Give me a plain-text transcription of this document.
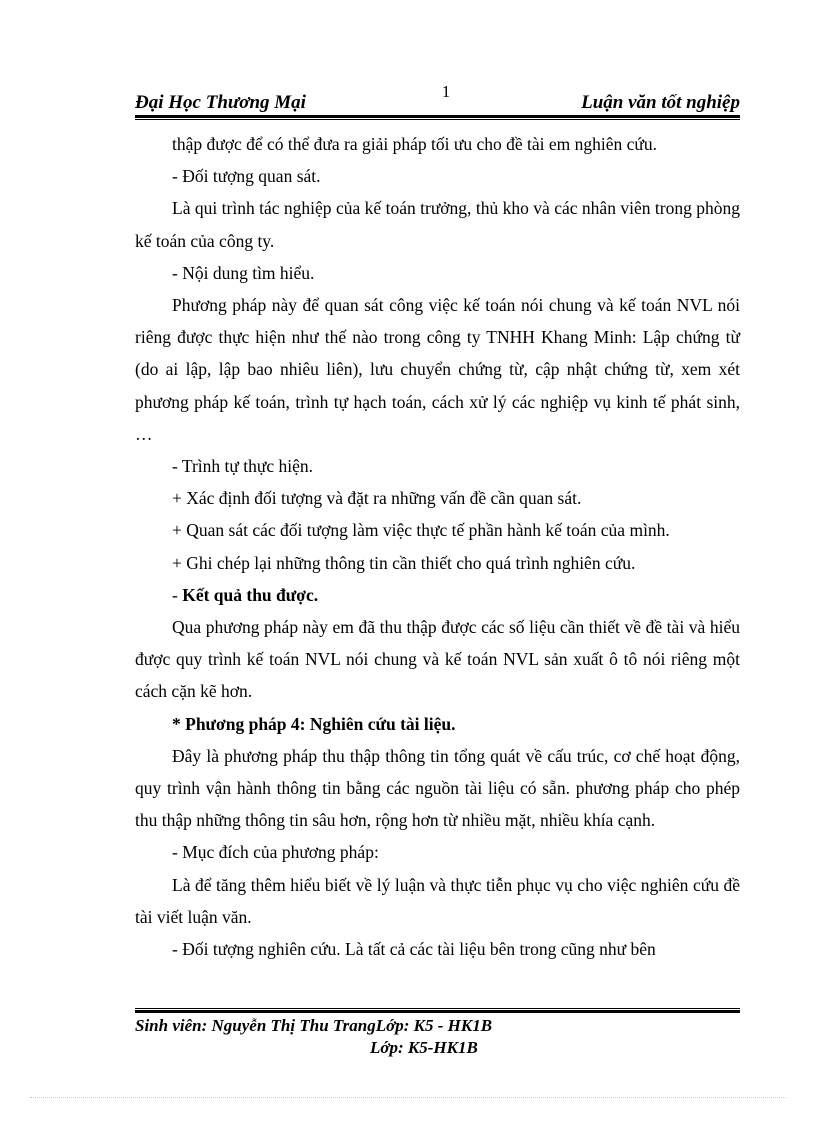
1
Đại Học Thương Mại	Luận văn tốt nghiệp

thập được để có thể đưa ra giải pháp tối ưu cho đề tài em nghiên cứu.

- Đối tượng quan sát.

Là qui trình tác nghiệp của kế toán trưởng, thủ kho và các nhân viên trong phòng kế toán của công ty.

- Nội dung tìm hiểu.

Phương pháp này để quan sát công việc kế toán nói chung và kế toán NVL nói riêng được thực hiện như thế nào trong công ty TNHH Khang Minh: Lập chứng từ (do ai lập, lập bao nhiêu liên), lưu chuyển chứng từ, cập nhật chứng từ, xem xét phương pháp kế toán, trình tự hạch toán, cách xử lý các nghiệp vụ kinh tế phát sinh, …

- Trình tự thực hiện.

+ Xác định đối tượng và đặt ra những vấn đề cần quan sát.

+ Quan sát các đối tượng làm việc thực tế phần hành kế toán của mình.

+ Ghi chép lại những thông tin cần thiết cho quá trình nghiên cứu.

- Kết quả thu được.

Qua phương pháp này em đã thu thập được các số liệu cần thiết về đề tài và hiểu được quy trình kế toán NVL nói chung và kế toán NVL sản xuất ô tô nói riêng một cách cặn kẽ hơn.

* Phương pháp 4: Nghiên cứu tài liệu.

Đây là phương pháp thu thập thông tin tổng quát về cấu trúc, cơ chế hoạt động, quy trình vận hành thông tin bằng các nguồn tài liệu có sẵn. phương pháp cho phép thu thập những thông tin sâu hơn, rộng hơn từ nhiều mặt, nhiều khía cạnh.

- Mục đích của phương pháp:

Là để tăng thêm hiểu biết về lý luận và thực tiễn phục vụ cho việc nghiên cứu đề tài viết luận văn.

- Đối tượng nghiên cứu. Là tất cả các tài liệu bên trong cũng như bên

Sinh viên: Nguyễn Thị Thu TrangLớp: K5 - HK1B
Lớp: K5-HK1B
